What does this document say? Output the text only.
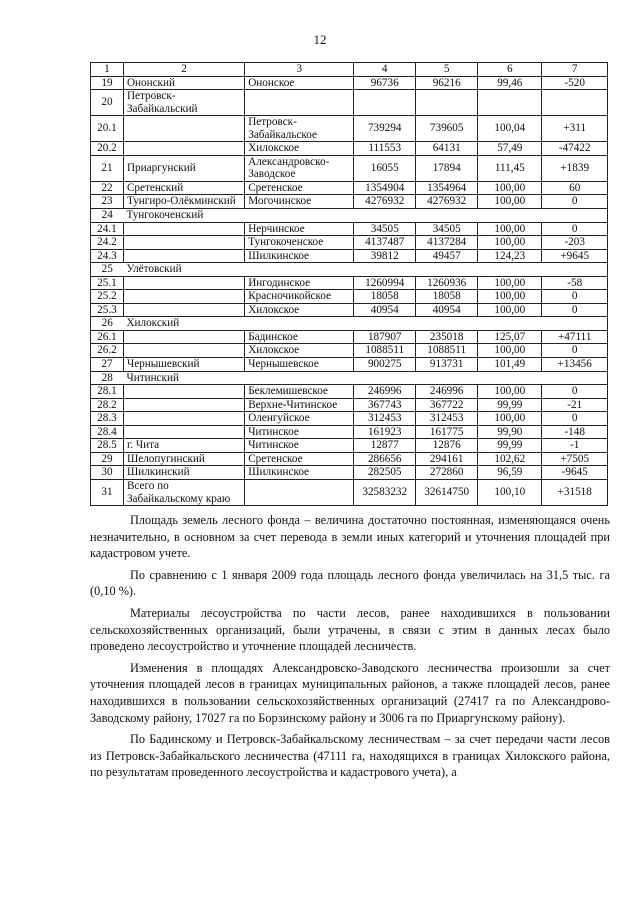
12
1	2	3	4	5	6	7
19	Ононский	Ононское	96736	96216	99,46	-520
20	Петровск-Забайкальский					
20.1		Петровск-Забайкальское	739294	739605	100,04	+311
20.2		Хилокское	111553	64131	57,49	-47422
21	Приаргунский	Александровско-Заводское	16055	17894	111,45	+1839
22	Сретенский	Сретенское	1354904	1354964	100,00	60
23	Тунгиро-Олёкминский	Могочинское	4276932	4276932	100,00	0
24	Тунгокоченский					
24.1		Нерчинское	34505	34505	100,00	0
24.2		Тунгокоченское	4137487	4137284	100,00	-203
24.3		Шилкинское	39812	49457	124,23	+9645
25	Улётовский					
25.1		Ингодинское	1260994	1260936	100,00	-58
25.2		Красночикойское	18058	18058	100,00	0
25.3		Хилокское	40954	40954	100,00	0
26	Хилокский					
26.1		Бадинское	187907	235018	125,07	+47111
26.2		Хилокское	1088511	1088511	100,00	0
27	Чернышевский	Чернышевское	900275	913731	101,49	+13456
28	Читинский					
28.1		Беклемишевское	246996	246996	100,00	0
28.2		Верхне-Читинское	367743	367722	99,99	-21
28.3		Оленгуйское	312453	312453	100,00	0
28.4		Читинское	161923	161775	99,90	-148
28.5	г. Чита	Читинское	12877	12876	99,99	-1
29	Шелопугинский	Сретенское	286656	294161	102,62	+7505
30	Шилкинский	Шилкинское	282505	272860	96,59	-9645
31	Всего по Забайкальскому краю		32583232	32614750	100,10	+31518

Площадь земель лесного фонда – величина достаточно постоянная, изменяющаяся очень незначительно, в основном за счет перевода в земли иных категорий и уточнения площадей при кадастровом учете.

По сравнению с 1 января 2009 года площадь лесного фонда увеличилась на 31,5 тыс. га (0,10 %).

Материалы лесоустройства по части лесов, ранее находившихся в пользовании сельскохозяйственных организаций, были утрачены, в связи с этим в данных лесах было проведено лесоустройство и уточнение площадей лесничеств.

Изменения в площадях Александровско-Заводского лесничества произошли за счет уточнения площадей лесов в границах муниципальных районов, а также площадей лесов, ранее находившихся в пользовании сельскохозяйственных организаций (27417 га по Александрово-Заводскому району, 17027 га по Борзинскому району и 3006 га по Приаргунскому району).

По Бадинскому и Петровск-Забайкальскому лесничествам – за счет передачи части лесов из Петровск-Забайкальского лесничества (47111 га, находящихся в границах Хилокского района, по результатам проведенного лесоустройства и кадастрового учета), а
